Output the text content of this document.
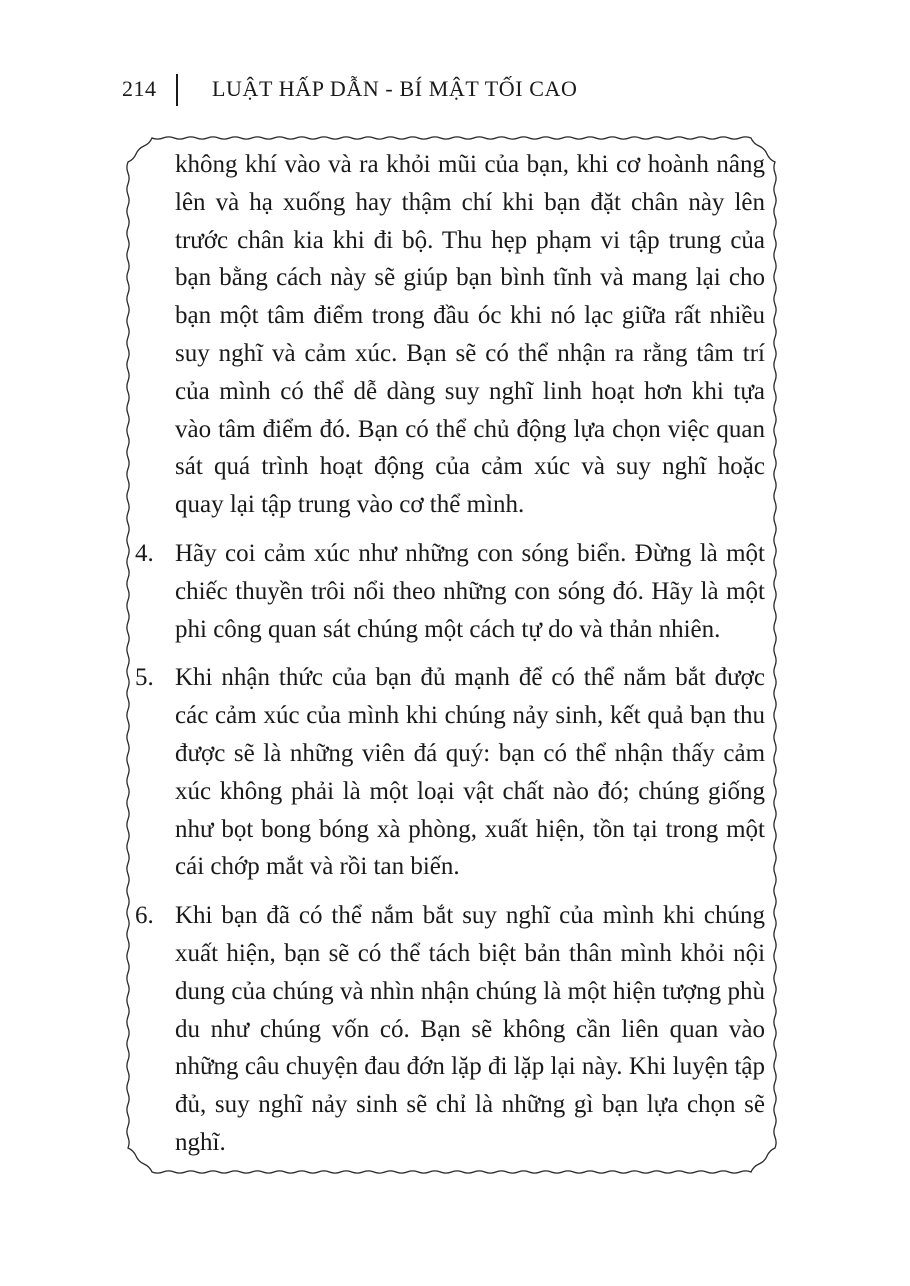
214	LUẬT HẤP DẪN - BÍ MẬT TỐI CAO

không khí vào và ra khỏi mũi của bạn, khi cơ hoành nâng lên và hạ xuống hay thậm chí khi bạn đặt chân này lên trước chân kia khi đi bộ. Thu hẹp phạm vi tập trung của bạn bằng cách này sẽ giúp bạn bình tĩnh và mang lại cho bạn một tâm điểm trong đầu óc khi nó lạc giữa rất nhiều suy nghĩ và cảm xúc. Bạn sẽ có thể nhận ra rằng tâm trí của mình có thể dễ dàng suy nghĩ linh hoạt hơn khi tựa vào tâm điểm đó. Bạn có thể chủ động lựa chọn việc quan sát quá trình hoạt động của cảm xúc và suy nghĩ hoặc quay lại tập trung vào cơ thể mình.

4. Hãy coi cảm xúc như những con sóng biển. Đừng là một chiếc thuyền trôi nổi theo những con sóng đó. Hãy là một phi công quan sát chúng một cách tự do và thản nhiên.

5. Khi nhận thức của bạn đủ mạnh để có thể nắm bắt được các cảm xúc của mình khi chúng nảy sinh, kết quả bạn thu được sẽ là những viên đá quý: bạn có thể nhận thấy cảm xúc không phải là một loại vật chất nào đó; chúng giống như bọt bong bóng xà phòng, xuất hiện, tồn tại trong một cái chớp mắt và rồi tan biến.

6. Khi bạn đã có thể nắm bắt suy nghĩ của mình khi chúng xuất hiện, bạn sẽ có thể tách biệt bản thân mình khỏi nội dung của chúng và nhìn nhận chúng là một hiện tượng phù du như chúng vốn có. Bạn sẽ không cần liên quan vào những câu chuyện đau đớn lặp đi lặp lại này. Khi luyện tập đủ, suy nghĩ nảy sinh sẽ chỉ là những gì bạn lựa chọn sẽ nghĩ.
